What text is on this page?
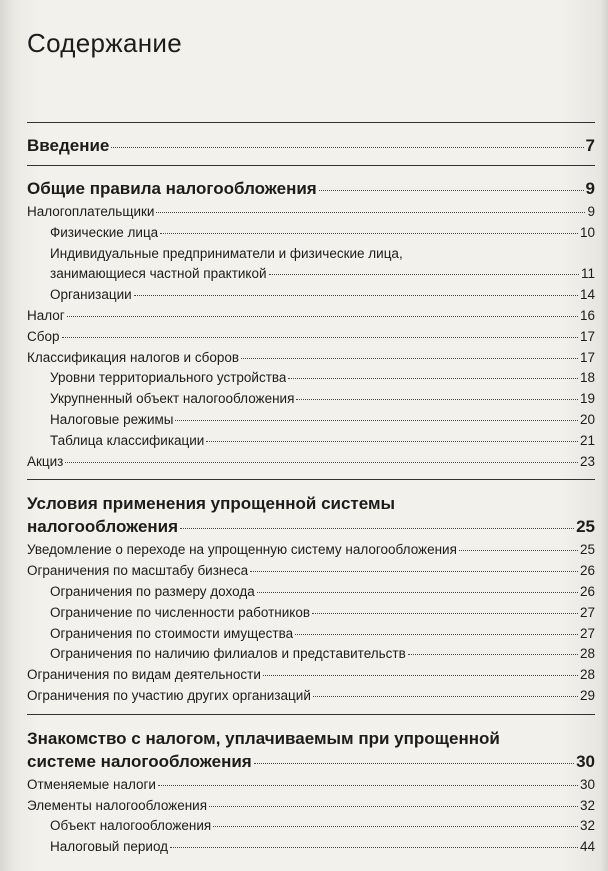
Содержание
Введение	7
Общие правила налогообложения	9
Налогоплательщики	9
Физические лица	10
Индивидуальные предприниматели и физические лица,
занимающиеся частной практикой	11
Организации	14
Налог	16
Сбор	17
Классификация налогов и сборов	17
Уровни территориального устройства	18
Укрупненный объект налогообложения	19
Налоговые режимы	20
Таблица классификации	21
Акциз	23
Условия применения упрощенной системы
налогообложения	25
Уведомление о переходе на упрощенную систему налогообложения	25
Ограничения по масштабу бизнеса	26
Ограничения по размеру дохода	26
Ограничение по численности работников	27
Ограничения по стоимости имущества	27
Ограничения по наличию филиалов и представительств	28
Ограничения по видам деятельности	28
Ограничения по участию других организаций	29
Знакомство с налогом, уплачиваемым при упрощенной
системе налогообложения	30
Отменяемые налоги	30
Элементы налогообложения	32
Объект налогообложения	32
Налоговый период	44
